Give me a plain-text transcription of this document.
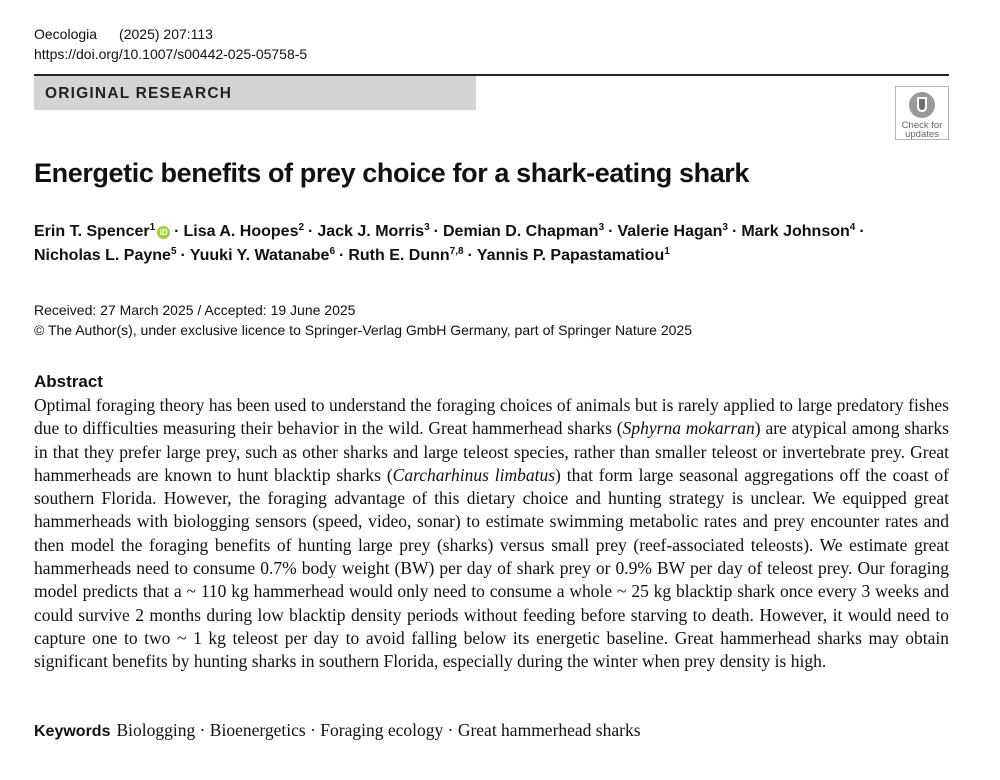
Oecologia (2025) 207:113
https://doi.org/10.1007/s00442-025-05758-5
ORIGINAL RESEARCH
Check for
updates
Energetic benefits of prey choice for a shark-eating shark
Erin T. Spencer$^1$ iD · Lisa A. Hoopes$^2$ · Jack J. Morris$^3$ · Demian D. Chapman$^3$ · Valerie Hagan$^3$ · Mark Johnson$^4$ ·
Nicholas L. Payne$^5$ · Yuuki Y. Watanabe$^6$ · Ruth E. Dunn$^{7,8}$ · Yannis P. Papastamatiou$^1$
Received: 27 March 2025 / Accepted: 19 June 2025
© The Author(s), under exclusive licence to Springer-Verlag GmbH Germany, part of Springer Nature 2025
Abstract

Optimal foraging theory has been used to understand the foraging choices of animals but is rarely applied to large predatory fishes due to difficulties measuring their behavior in the wild. Great hammerhead sharks (Sphyrna mokarran) are atypical among sharks in that they prefer large prey, such as other sharks and large teleost species, rather than smaller teleost or invertebrate prey. Great hammerheads are known to hunt blacktip sharks (Carcharhinus limbatus) that form large seasonal aggregations off the coast of southern Florida. However, the foraging advantage of this dietary choice and hunting strategy is unclear. We equipped great hammerheads with biologging sensors (speed, video, sonar) to estimate swimming metabolic rates and prey encounter rates and then model the foraging benefits of hunting large prey (sharks) versus small prey (reef-associated teleosts). We estimate great hammerheads need to consume 0.7% body weight (BW) per day of shark prey or 0.9% BW per day of teleost prey. Our foraging model predicts that a ~ 110 kg hammerhead would only need to consume a whole ~ 25 kg blacktip shark once every 3 weeks and could survive 2 months during low blacktip density periods without feeding before starving to death. However, it would need to capture one to two ~ 1 kg teleost per day to avoid falling below its energetic baseline. Great hammerhead sharks may obtain significant benefits by hunting sharks in southern Florida, especially during the winter when prey density is high.

Keywords Biologging · Bioenergetics · Foraging ecology · Great hammerhead sharks
